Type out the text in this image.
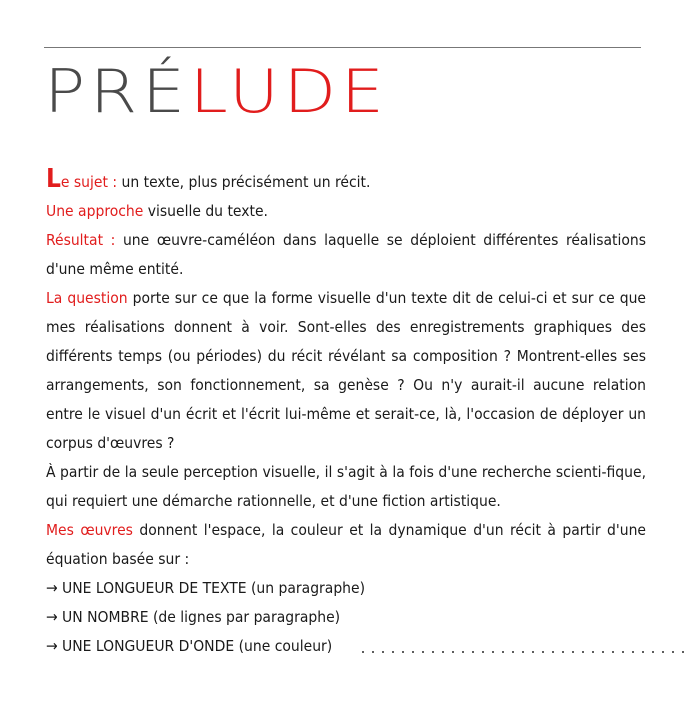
PRÉLUDE

Le sujet : un texte, plus précisément un récit.

Une approche visuelle du texte.

Résultat : une œuvre-caméléon dans laquelle se déploient différentes réalisations d'une même entité.

La question porte sur ce que la forme visuelle d'un texte dit de celui-ci et sur ce que mes réalisations donnent à voir. Sont-elles des enregistrements graphiques des différents temps (ou périodes) du récit révélant sa composition ? Montrent-elles ses arrangements, son fonctionnement, sa genèse ? Ou n'y aurait-il aucune relation entre le visuel d'un écrit et l'écrit lui-même et serait-ce, là, l'occasion de déployer un corpus d'œuvres ?

À partir de la seule perception visuelle, il s'agit à la fois d'une recherche scienti-fique, qui requiert une démarche rationnelle, et d'une fiction artistique.

Mes œuvres donnent l'espace, la couleur et la dynamique d'un récit à partir d'une équation basée sur :

→ UNE LONGUEUR DE TEXTE (un paragraphe)
→ UN NOMBRE (de lignes par paragraphe)
→ UNE LONGUEUR D'ONDE (une couleur)
